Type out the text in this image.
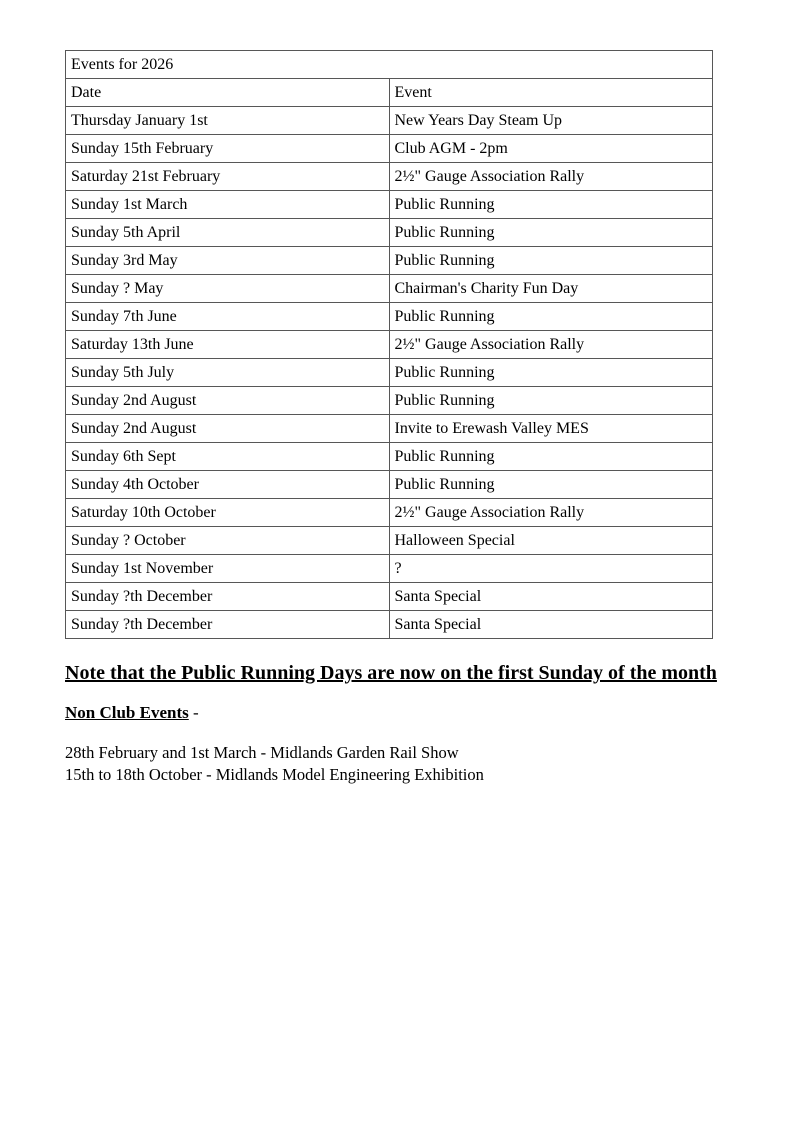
Events for 2026	
Date	Event
Thursday January 1st	New Years Day Steam Up
Sunday 15th February	Club AGM - 2pm
Saturday 21st February	2½" Gauge Association Rally
Sunday 1st March	Public Running
Sunday 5th April	Public Running
Sunday 3rd May	Public Running
Sunday ? May	Chairman's Charity Fun Day
Sunday 7th June	Public Running
Saturday 13th June	2½" Gauge Association Rally
Sunday 5th July	Public Running
Sunday 2nd August	Public Running
Sunday 2nd August	Invite to Erewash Valley MES
Sunday 6th Sept	Public Running
Sunday 4th October	Public Running
Saturday 10th October	2½" Gauge Association Rally
Sunday ? October	Halloween Special
Sunday 1st November	?
Sunday ?th December	Santa Special
Sunday ?th December	Santa Special
Note that the Public Running Days are now on the first Sunday of the month
Non Club Events -
28th February and 1st March - Midlands Garden Rail Show
15th to 18th October - Midlands Model Engineering Exhibition
